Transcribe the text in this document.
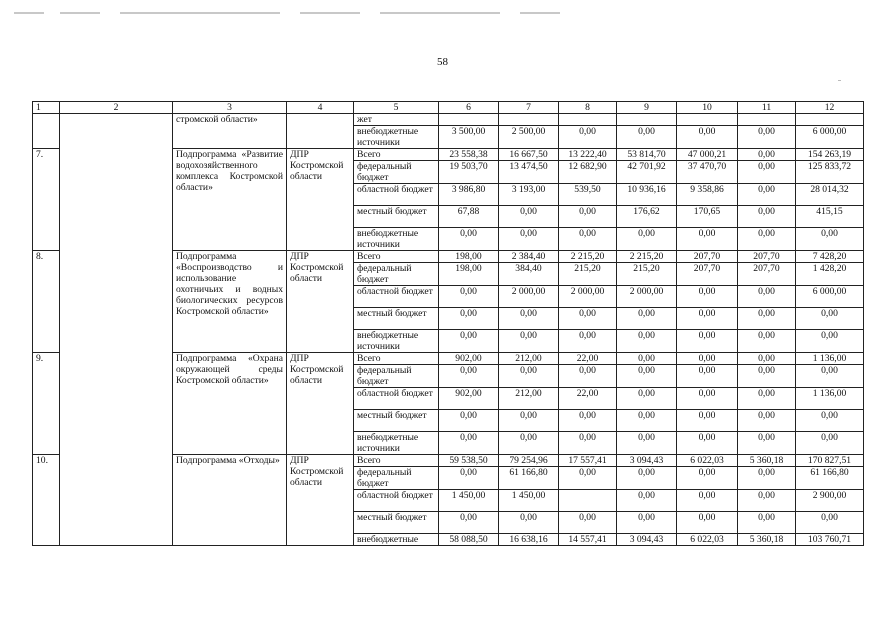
58
1	2	3	4	5	6	7	8	9	10	11	12
		стромской области»		жет							
				внебюджетные источники	3 500,00	2 500,00	0,00	0,00	0,00	0,00	6 000,00
7.		Подпрограмма «Развитие водохозяйственного комплекса Костромской области»	ДПР Костромской области	Всего	23 558,38	16 667,50	13 222,40	53 814,70	47 000,21	0,00	154 263,19
				федеральный бюджет	19 503,70	13 474,50	12 682,90	42 701,92	37 470,70	0,00	125 833,72
				областной бюджет	3 986,80	3 193,00	539,50	10 936,16	9 358,86	0,00	28 014,32
				местный бюджет	67,88	0,00	0,00	176,62	170,65	0,00	415,15
				внебюджетные источники	0,00	0,00	0,00	0,00	0,00	0,00	0,00
8.		Подпрограмма «Воспроизводство и использование охотничьих и водных биологических ресурсов Костромской области»	ДПР Костромской области	Всего	198,00	2 384,40	2 215,20	2 215,20	207,70	207,70	7 428,20
				федеральный бюджет	198,00	384,40	215,20	215,20	207,70	207,70	1 428,20
				областной бюджет	0,00	2 000,00	2 000,00	2 000,00	0,00	0,00	6 000,00
				местный бюджет	0,00	0,00	0,00	0,00	0,00	0,00	0,00
				внебюджетные источники	0,00	0,00	0,00	0,00	0,00	0,00	0,00
9.		Подпрограмма «Охрана окружающей среды Костромской области»	ДПР Костромской области	Всего	902,00	212,00	22,00	0,00	0,00	0,00	1 136,00
				федеральный бюджет	0,00	0,00	0,00	0,00	0,00	0,00	0,00
				областной бюджет	902,00	212,00	22,00	0,00	0,00	0,00	1 136,00
				местный бюджет	0,00	0,00	0,00	0,00	0,00	0,00	0,00
				внебюджетные источники	0,00	0,00	0,00	0,00	0,00	0,00	0,00
10.		Подпрограмма «Отходы»	ДПР Костромской области	Всего	59 538,50	79 254,96	17 557,41	3 094,43	6 022,03	5 360,18	170 827,51
				федеральный бюджет	0,00	61 166,80	0,00	0,00	0,00	0,00	61 166,80
				областной бюджет	1 450,00	1 450,00		0,00	0,00	0,00	2 900,00
				местный бюджет	0,00	0,00	0,00	0,00	0,00	0,00	0,00
				внебюджетные	58 088,50	16 638,16	14 557,41	3 094,43	6 022,03	5 360,18	103 760,71
